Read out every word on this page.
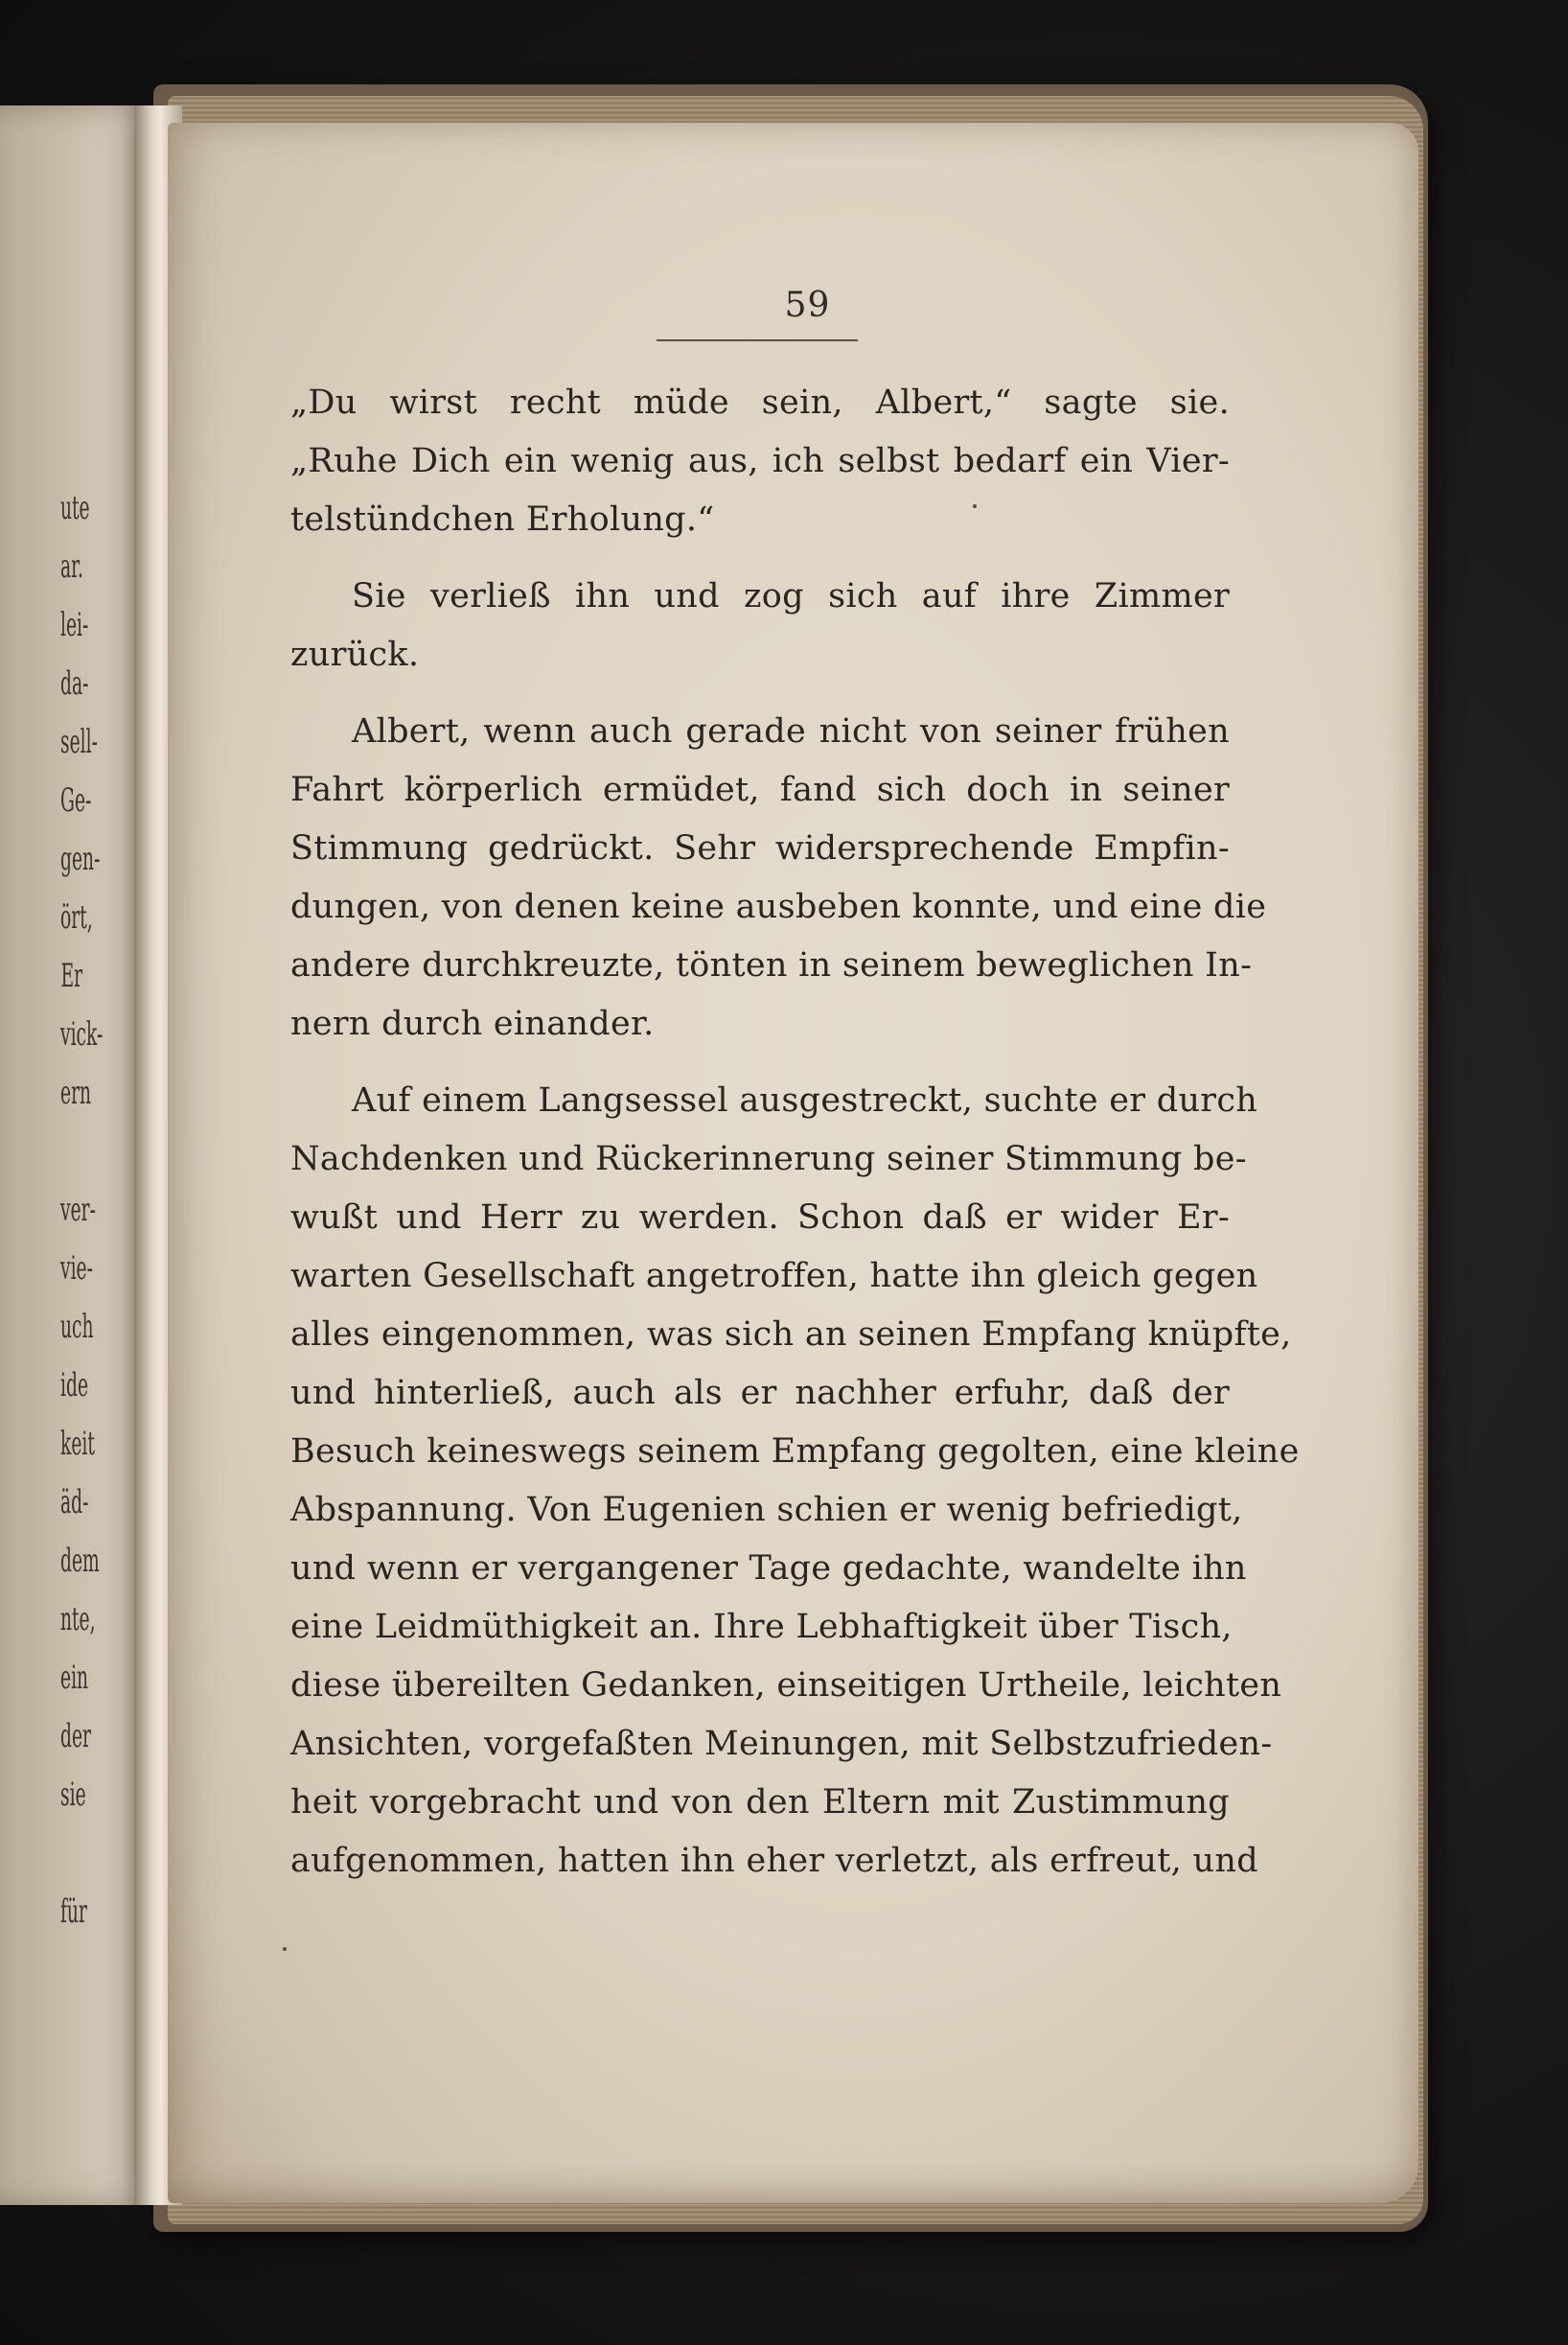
ute
ar.
lei-
da-
sell-
Ge-
gen-
ört,
Er
vick-
ern
ver-
vie-
uch
ide
keit
äd-
dem
nte,
ein
der
sie
für
59
„Du wirst recht müde sein, Albert,“ sagte sie.
„Ruhe Dich ein wenig aus, ich selbst bedarf ein Vier-
telstündchen Erholung.“
Sie verließ ihn und zog sich auf ihre Zimmer
zurück.
Albert, wenn auch gerade nicht von seiner frühen
Fahrt körperlich ermüdet, fand sich doch in seiner
Stimmung gedrückt. Sehr widersprechende Empfin-
dungen, von denen keine ausbeben konnte, und eine die
andere durchkreuzte, tönten in seinem beweglichen In-
nern durch einander.
Auf einem Langsessel ausgestreckt, suchte er durch
Nachdenken und Rückerinnerung seiner Stimmung be-
wußt und Herr zu werden. Schon daß er wider Er-
warten Gesellschaft angetroffen, hatte ihn gleich gegen
alles eingenommen, was sich an seinen Empfang knüpfte,
und hinterließ, auch als er nachher erfuhr, daß der
Besuch keineswegs seinem Empfang gegolten, eine kleine
Abspannung. Von Eugenien schien er wenig befriedigt,
und wenn er vergangener Tage gedachte, wandelte ihn
eine Leidmüthigkeit an. Ihre Lebhaftigkeit über Tisch,
diese übereilten Gedanken, einseitigen Urtheile, leichten
Ansichten, vorgefaßten Meinungen, mit Selbstzufrieden-
heit vorgebracht und von den Eltern mit Zustimmung
aufgenommen, hatten ihn eher verletzt, als erfreut, und
